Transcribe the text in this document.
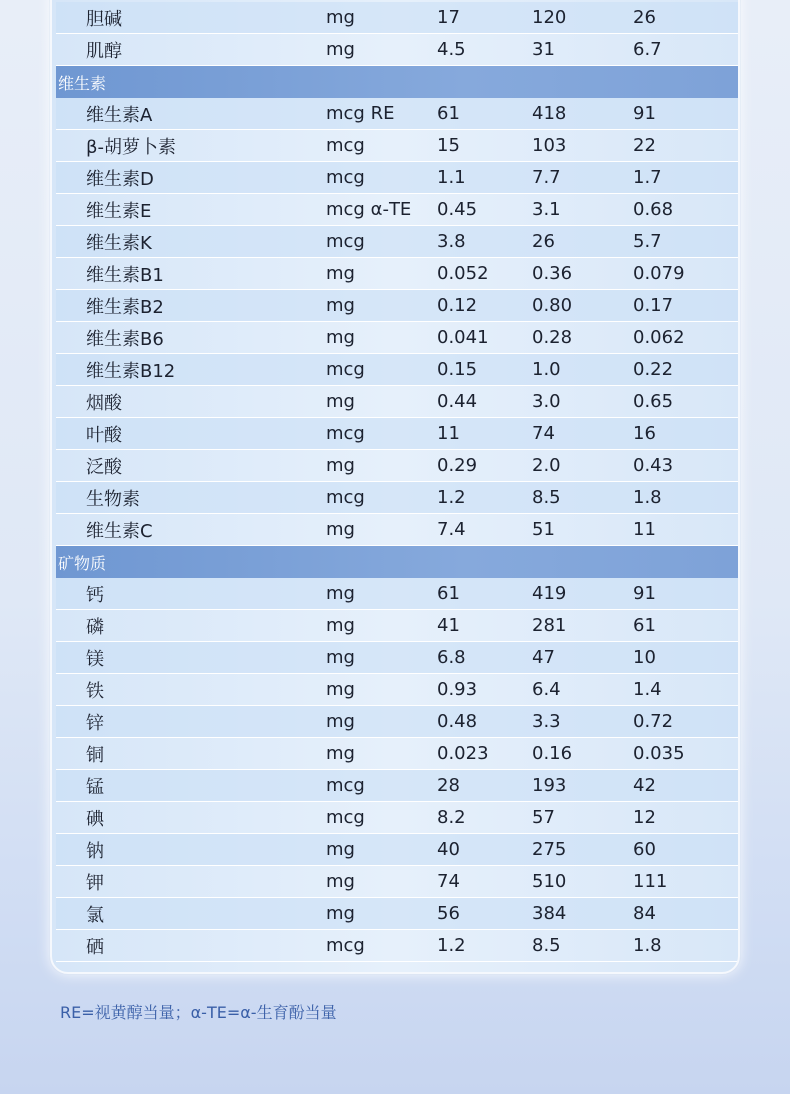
胆碱	mg	17	120	26
肌醇	mg	4.5	31	6.7
维生素
维生素A	mcg RE	61	418	91
β-胡萝卜素	mcg	15	103	22
维生素D	mcg	1.1	7.7	1.7
维生素E	mcg α-TE	0.45	3.1	0.68
维生素K	mcg	3.8	26	5.7
维生素B1	mg	0.052	0.36	0.079
维生素B2	mg	0.12	0.80	0.17
维生素B6	mg	0.041	0.28	0.062
维生素B12	mcg	0.15	1.0	0.22
烟酸	mg	0.44	3.0	0.65
叶酸	mcg	11	74	16
泛酸	mg	0.29	2.0	0.43
生物素	mcg	1.2	8.5	1.8
维生素C	mg	7.4	51	11
矿物质
钙	mg	61	419	91
磷	mg	41	281	61
镁	mg	6.8	47	10
铁	mg	0.93	6.4	1.4
锌	mg	0.48	3.3	0.72
铜	mg	0.023	0.16	0.035
锰	mcg	28	193	42
碘	mcg	8.2	57	12
钠	mg	40	275	60
钾	mg	74	510	111
氯	mg	56	384	84
硒	mcg	1.2	8.5	1.8
RE=视黄醇当量；α-TE=α-生育酚当量
